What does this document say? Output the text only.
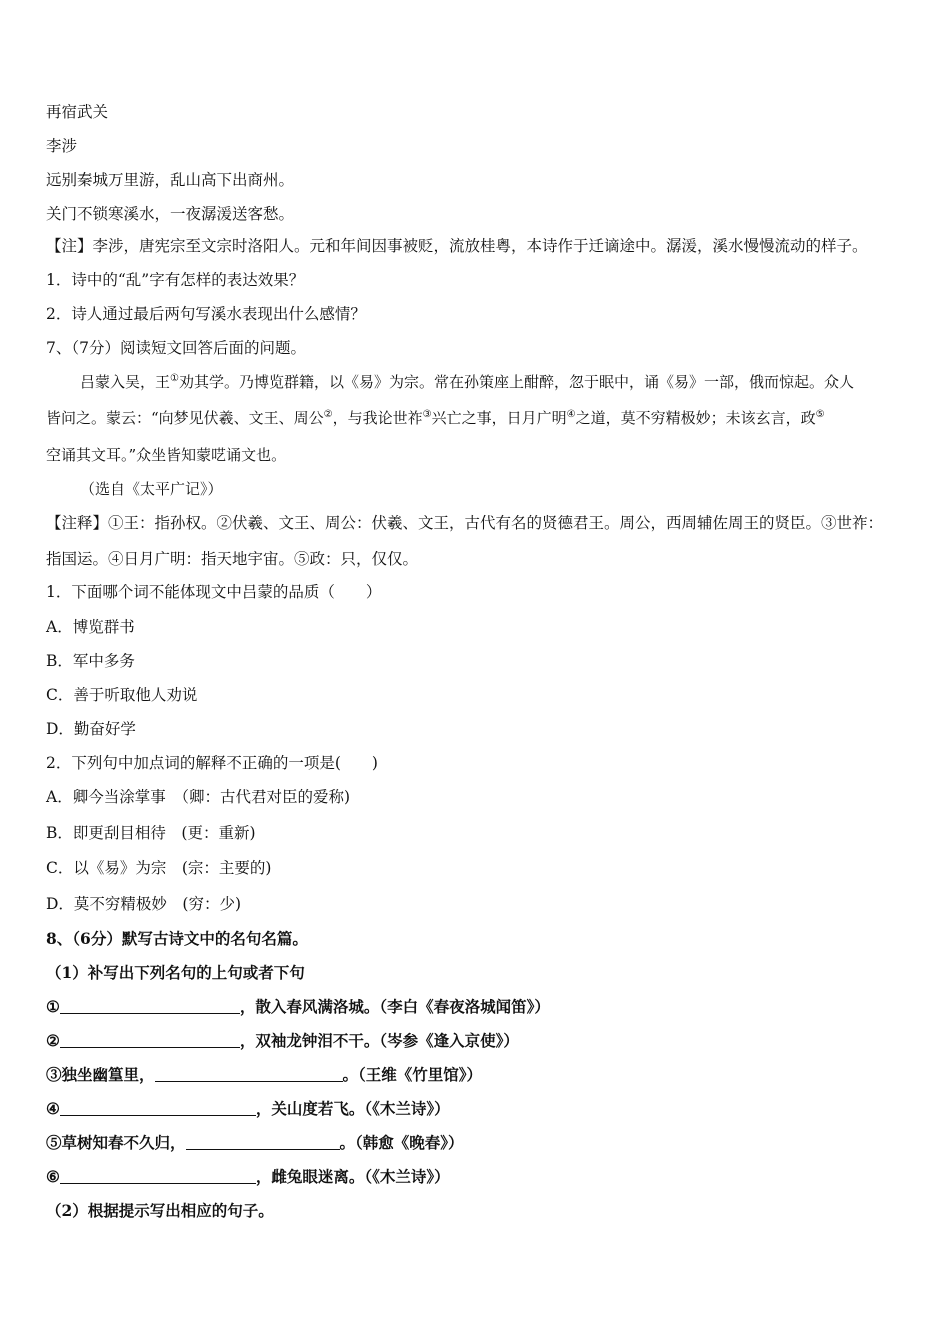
再宿武关
李涉
远别秦城万里游，乱山高下出商州。
关门不锁寒溪水，一夜潺湲送客愁。
【注】李涉，唐宪宗至文宗时洛阳人。元和年间因事被贬，流放桂粤，本诗作于迁谪途中。潺湲，溪水慢慢流动的样子。
1．诗中的“乱”字有怎样的表达效果？
2．诗人通过最后两句写溪水表现出什么感情？
7、（7分）阅读短文回答后面的问题。
吕蒙入吴，王①劝其学。乃博览群籍，以《易》为宗。常在孙策座上酣醉，忽于眠中，诵《易》一部，俄而惊起。众人
皆问之。蒙云：“向梦见伏羲、文王、周公②，与我论世祚③兴亡之事，日月广明④之道，莫不穷精极妙；未该玄言，政⑤
空诵其文耳。”众坐皆知蒙呓诵文也。
（选自《太平广记》）
【注释】①王：指孙权。②伏羲、文王、周公：伏羲、文王，古代有名的贤德君王。周公，西周辅佐周王的贤臣。③世祚：
指国运。④日月广明：指天地宇宙。⑤政：只，仅仅。
1．下面哪个词不能体现文中吕蒙的品质（　　）
A．博览群书
B．军中多务
C．善于听取他人劝说
D．勤奋好学
2．下列句中加点词的解释不正确的一项是(　　)
A．卿今当涂掌事　（卿：古代君对臣的爱称)
B．即更刮目相待　(更：重新)
C．以《易》为宗　(宗：主要的)
D．莫不穷精极妙　(穷：少)
8、（6分）默写古诗文中的名句名篇。
（1）补写出下列名句的上句或者下句
①	，散入春风满洛城。（李白《春夜洛城闻笛》）
②	，双袖龙钟泪不干。（岑参《逢入京使》）
③独坐幽篁里，	。（王维《竹里馆》）
④	，关山度若飞。（《木兰诗》）
⑤草树知春不久归，	。（韩愈《晚春》）
⑥	，雌兔眼迷离。（《木兰诗》）
（2）根据提示写出相应的句子。
